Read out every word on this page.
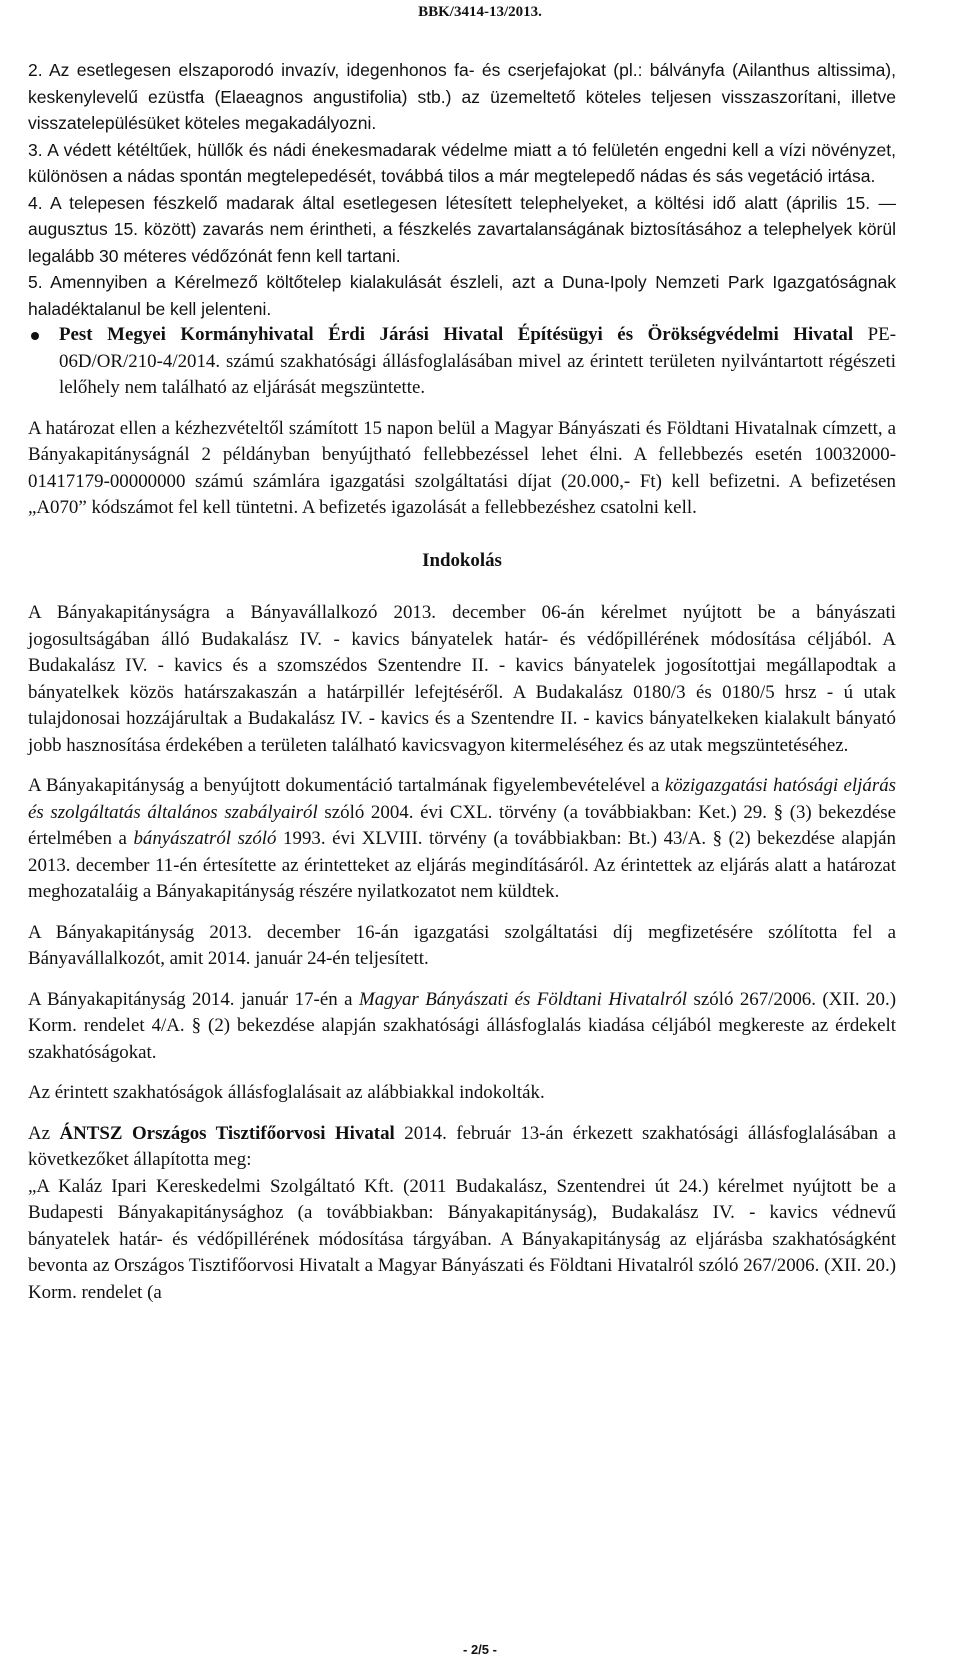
BBK/3414-13/2013.

2. Az esetlegesen elszaporodó invazív, idegenhonos fa- és cserjefajokat (pl.: bálványfa (Ailanthus altissima), keskenylevelű ezüstfa (Elaeagnos angustifolia) stb.) az üzemeltető köteles teljesen visszaszorítani, illetve visszatelepülésüket köteles megakadályozni.

3. A védett kétéltűek, hüllők és nádi énekesmadarak védelme miatt a tó felületén engedni kell a vízi növényzet, különösen a nádas spontán megtelepedését, továbbá tilos a már megtelepedő nádas és sás vegetáció irtása.

4. A telepesen fészkelő madarak által esetlegesen létesített telephelyeket, a költési idő alatt (április 15. — augusztus 15. között) zavarás nem érintheti, a fészkelés zavartalanságának biztosításához a telephelyek körül legalább 30 méteres védőzónát fenn kell tartani.

5. Amennyiben a Kérelmező költőtelep kialakulását észleli, azt a Duna-Ipoly Nemzeti Park Igazgatóságnak haladéktalanul be kell jelenteni.

Pest Megyei Kormányhivatal Érdi Járási Hivatal Építésügyi és Örökségvédelmi Hivatal PE-06D/OR/210-4/2014. számú szakhatósági állásfoglalásában mivel az érintett területen nyilvántartott régészeti lelőhely nem található az eljárását megszüntette.

A határozat ellen a kézhezvételtől számított 15 napon belül a Magyar Bányászati és Földtani Hivatalnak címzett, a Bányakapitányságnál 2 példányban benyújtható fellebbezéssel lehet élni. A fellebbezés esetén 10032000-01417179-00000000 számú számlára igazgatási szolgáltatási díjat (20.000,- Ft) kell befizetni. A befizetésen „A070” kódszámot fel kell tüntetni. A befizetés igazolását a fellebbezéshez csatolni kell.

Indokolás

A Bányakapitányságra a Bányavállalkozó 2013. december 06-án kérelmet nyújtott be a bányászati jogosultságában álló Budakalász IV. - kavics bányatelek határ- és védőpillérének módosítása céljából. A Budakalász IV. - kavics és a szomszédos Szentendre II. - kavics bányatelek jogosítottjai megállapodtak a bányatelkek közös határszakaszán a határpillér lefejtéséről. A Budakalász 0180/3 és 0180/5 hrsz - ú utak tulajdonosai hozzájárultak a Budakalász IV. - kavics és a Szentendre II. - kavics bányatelkeken kialakult bányató jobb hasznosítása érdekében a területen található kavicsvagyon kitermeléséhez és az utak megszüntetéséhez.

A Bányakapitányság a benyújtott dokumentáció tartalmának figyelembevételével a közigazgatási hatósági eljárás és szolgáltatás általános szabályairól szóló 2004. évi CXL. törvény (a továbbiakban: Ket.) 29. § (3) bekezdése értelmében a bányászatról szóló 1993. évi XLVIII. törvény (a továbbiakban: Bt.) 43/A. § (2) bekezdése alapján 2013. december 11-én értesítette az érintetteket az eljárás megindításáról. Az érintettek az eljárás alatt a határozat meghozataláig a Bányakapitányság részére nyilatkozatot nem küldtek.

A Bányakapitányság 2013. december 16-án igazgatási szolgáltatási díj megfizetésére szólította fel a Bányavállalkozót, amit 2014. január 24-én teljesített.

A Bányakapitányság 2014. január 17-én a Magyar Bányászati és Földtani Hivatalról szóló 267/2006. (XII. 20.) Korm. rendelet 4/A. § (2) bekezdése alapján szakhatósági állásfoglalás kiadása céljából megkereste az érdekelt szakhatóságokat.

Az érintett szakhatóságok állásfoglalásait az alábbiakkal indokolták.

Az ÁNTSZ Országos Tisztifőorvosi Hivatal 2014. február 13-án érkezett szakhatósági állásfoglalásában a következőket állapította meg:

„A Kaláz Ipari Kereskedelmi Szolgáltató Kft. (2011 Budakalász, Szentendrei út 24.) kérelmet nyújtott be a Budapesti Bányakapitánysághoz (a továbbiakban: Bányakapitányság), Budakalász IV. - kavics védnevű bányatelek határ- és védőpillérének módosítása tárgyában. A Bányakapitányság az eljárásba szakhatóságként bevonta az Országos Tisztifőorvosi Hivatalt a Magyar Bányászati és Földtani Hivatalról szóló 267/2006. (XII. 20.) Korm. rendelet (a

- 2/5 -
